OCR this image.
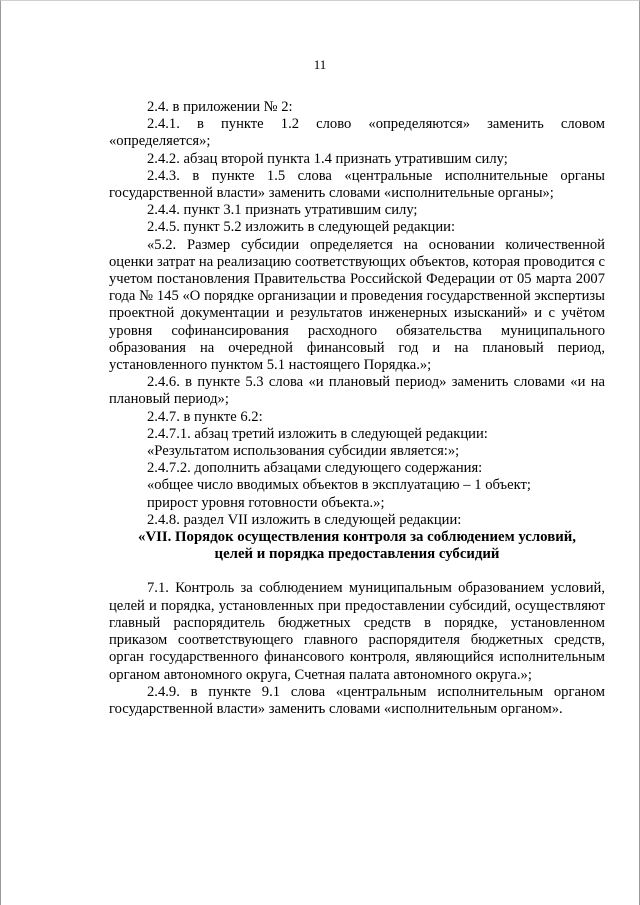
11

2.4. в приложении № 2:

2.4.1. в пункте 1.2 слово «определяются» заменить словом «определяется»;

2.4.2. абзац второй пункта 1.4 признать утратившим силу;

2.4.3. в пункте 1.5 слова «центральные исполнительные органы государственной власти» заменить словами «исполнительные органы»;

2.4.4. пункт 3.1 признать утратившим силу;

2.4.5. пункт 5.2 изложить в следующей редакции:

«5.2. Размер субсидии определяется на основании количественной оценки затрат на реализацию соответствующих объектов, которая проводится с учетом постановления Правительства Российской Федерации от 05 марта 2007 года № 145 «О порядке организации и проведения государственной экспертизы проектной документации и результатов инженерных изысканий» и с учётом уровня софинансирования расходного обязательства муниципального образования на очередной финансовый год и на плановый период, установленного пунктом 5.1 настоящего Порядка.»;

2.4.6. в пункте 5.3 слова «и плановый период» заменить словами «и на плановый период»;

2.4.7. в пункте 6.2:

2.4.7.1. абзац третий изложить в следующей редакции:

«Результатом использования субсидии является:»;

2.4.7.2. дополнить абзацами следующего содержания:

«общее число вводимых объектов в эксплуатацию – 1 объект;

прирост уровня готовности объекта.»;

2.4.8. раздел VII изложить в следующей редакции:

«VII. Порядок осуществления контроля за соблюдением условий,

целей и порядка предоставления субсидий

7.1. Контроль за соблюдением муниципальным образованием условий, целей и порядка, установленных при предоставлении субсидий, осуществляют главный распорядитель бюджетных средств в порядке, установленном приказом соответствующего главного распорядителя бюджетных средств, орган государственного финансового контроля, являющийся исполнительным органом автономного округа, Счетная палата автономного округа.»;

2.4.9. в пункте 9.1 слова «центральным исполнительным органом государственной власти» заменить словами «исполнительным органом».
